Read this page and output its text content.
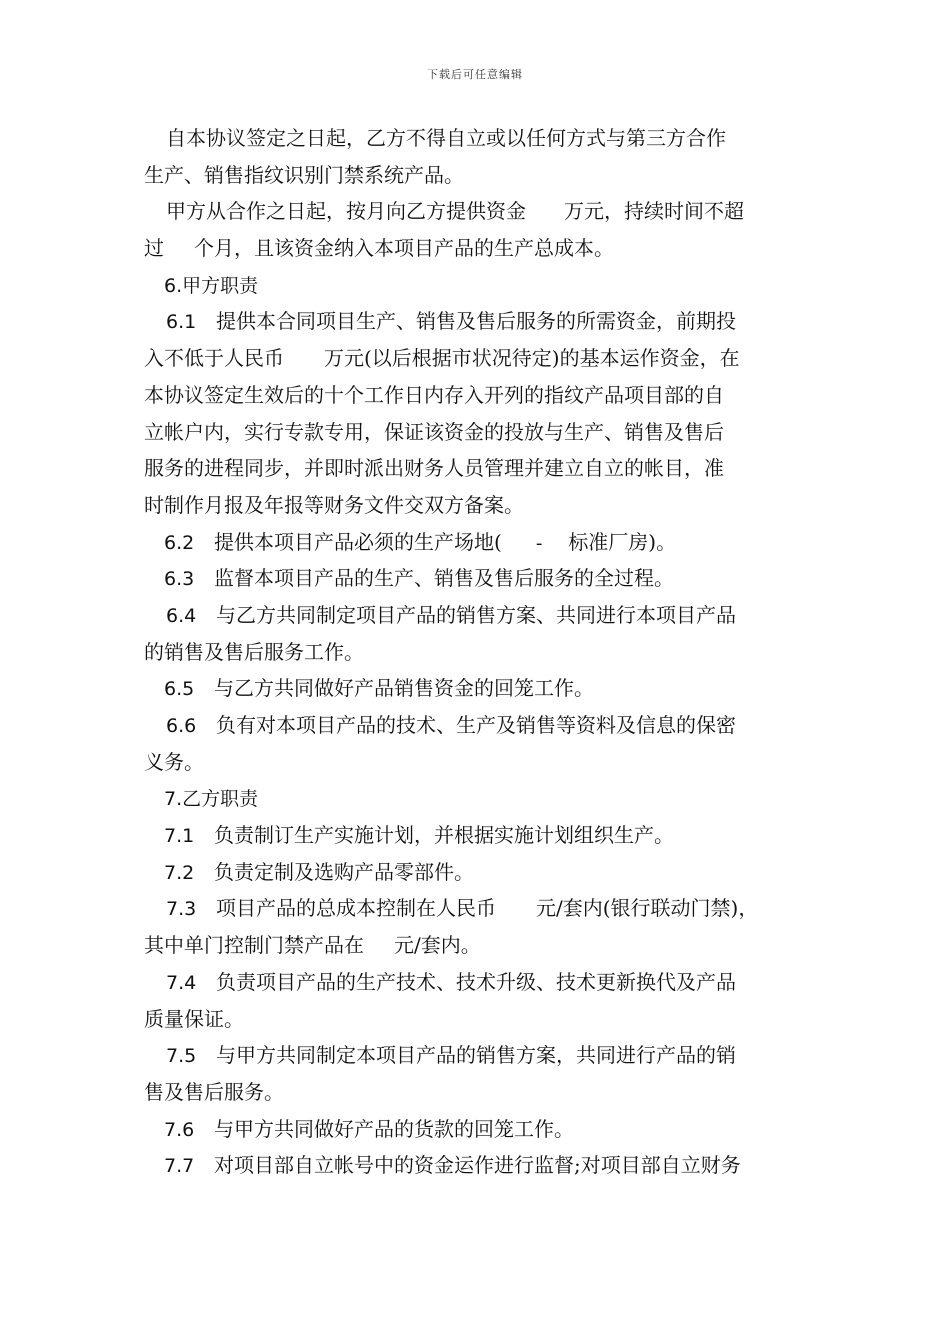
下载后可任意编辑
自本协议签定之日起，乙方不得自立或以任何方式与第三方合作
生产、销售指纹识别门禁系统产品。
甲方从合作之日起，按月向乙方提供资金 万元，持续时间不超
过 个月，且该资金纳入本项目产品的生产总成本。
6.甲方职责
6.1 提供本合同项目生产、销售及售后服务的所需资金，前期投
入不低于人民币 万元(以后根据市状况待定)的基本运作资金，在
本协议签定生效后的十个工作日内存入开列的指纹产品项目部的自
立帐户内，实行专款专用，保证该资金的投放与生产、销售及售后
服务的进程同步，并即时派出财务人员管理并建立自立的帐目，准
时制作月报及年报等财务文件交双方备案。
6.2 提供本项目产品必须的生产场地( - 标准厂房)。
6.3 监督本项目产品的生产、销售及售后服务的全过程。
6.4 与乙方共同制定项目产品的销售方案、共同进行本项目产品
的销售及售后服务工作。
6.5 与乙方共同做好产品销售资金的回笼工作。
6.6 负有对本项目产品的技术、生产及销售等资料及信息的保密
义务。
7.乙方职责
7.1 负责制订生产实施计划，并根据实施计划组织生产。
7.2 负责定制及选购产品零部件。
7.3 项目产品的总成本控制在人民币 元/套内(银行联动门禁)，
其中单门控制门禁产品在 元/套内。
7.4 负责项目产品的生产技术、技术升级、技术更新换代及产品
质量保证。
7.5 与甲方共同制定本项目产品的销售方案，共同进行产品的销
售及售后服务。
7.6 与甲方共同做好产品的货款的回笼工作。
7.7 对项目部自立帐号中的资金运作进行监督;对项目部自立财务
